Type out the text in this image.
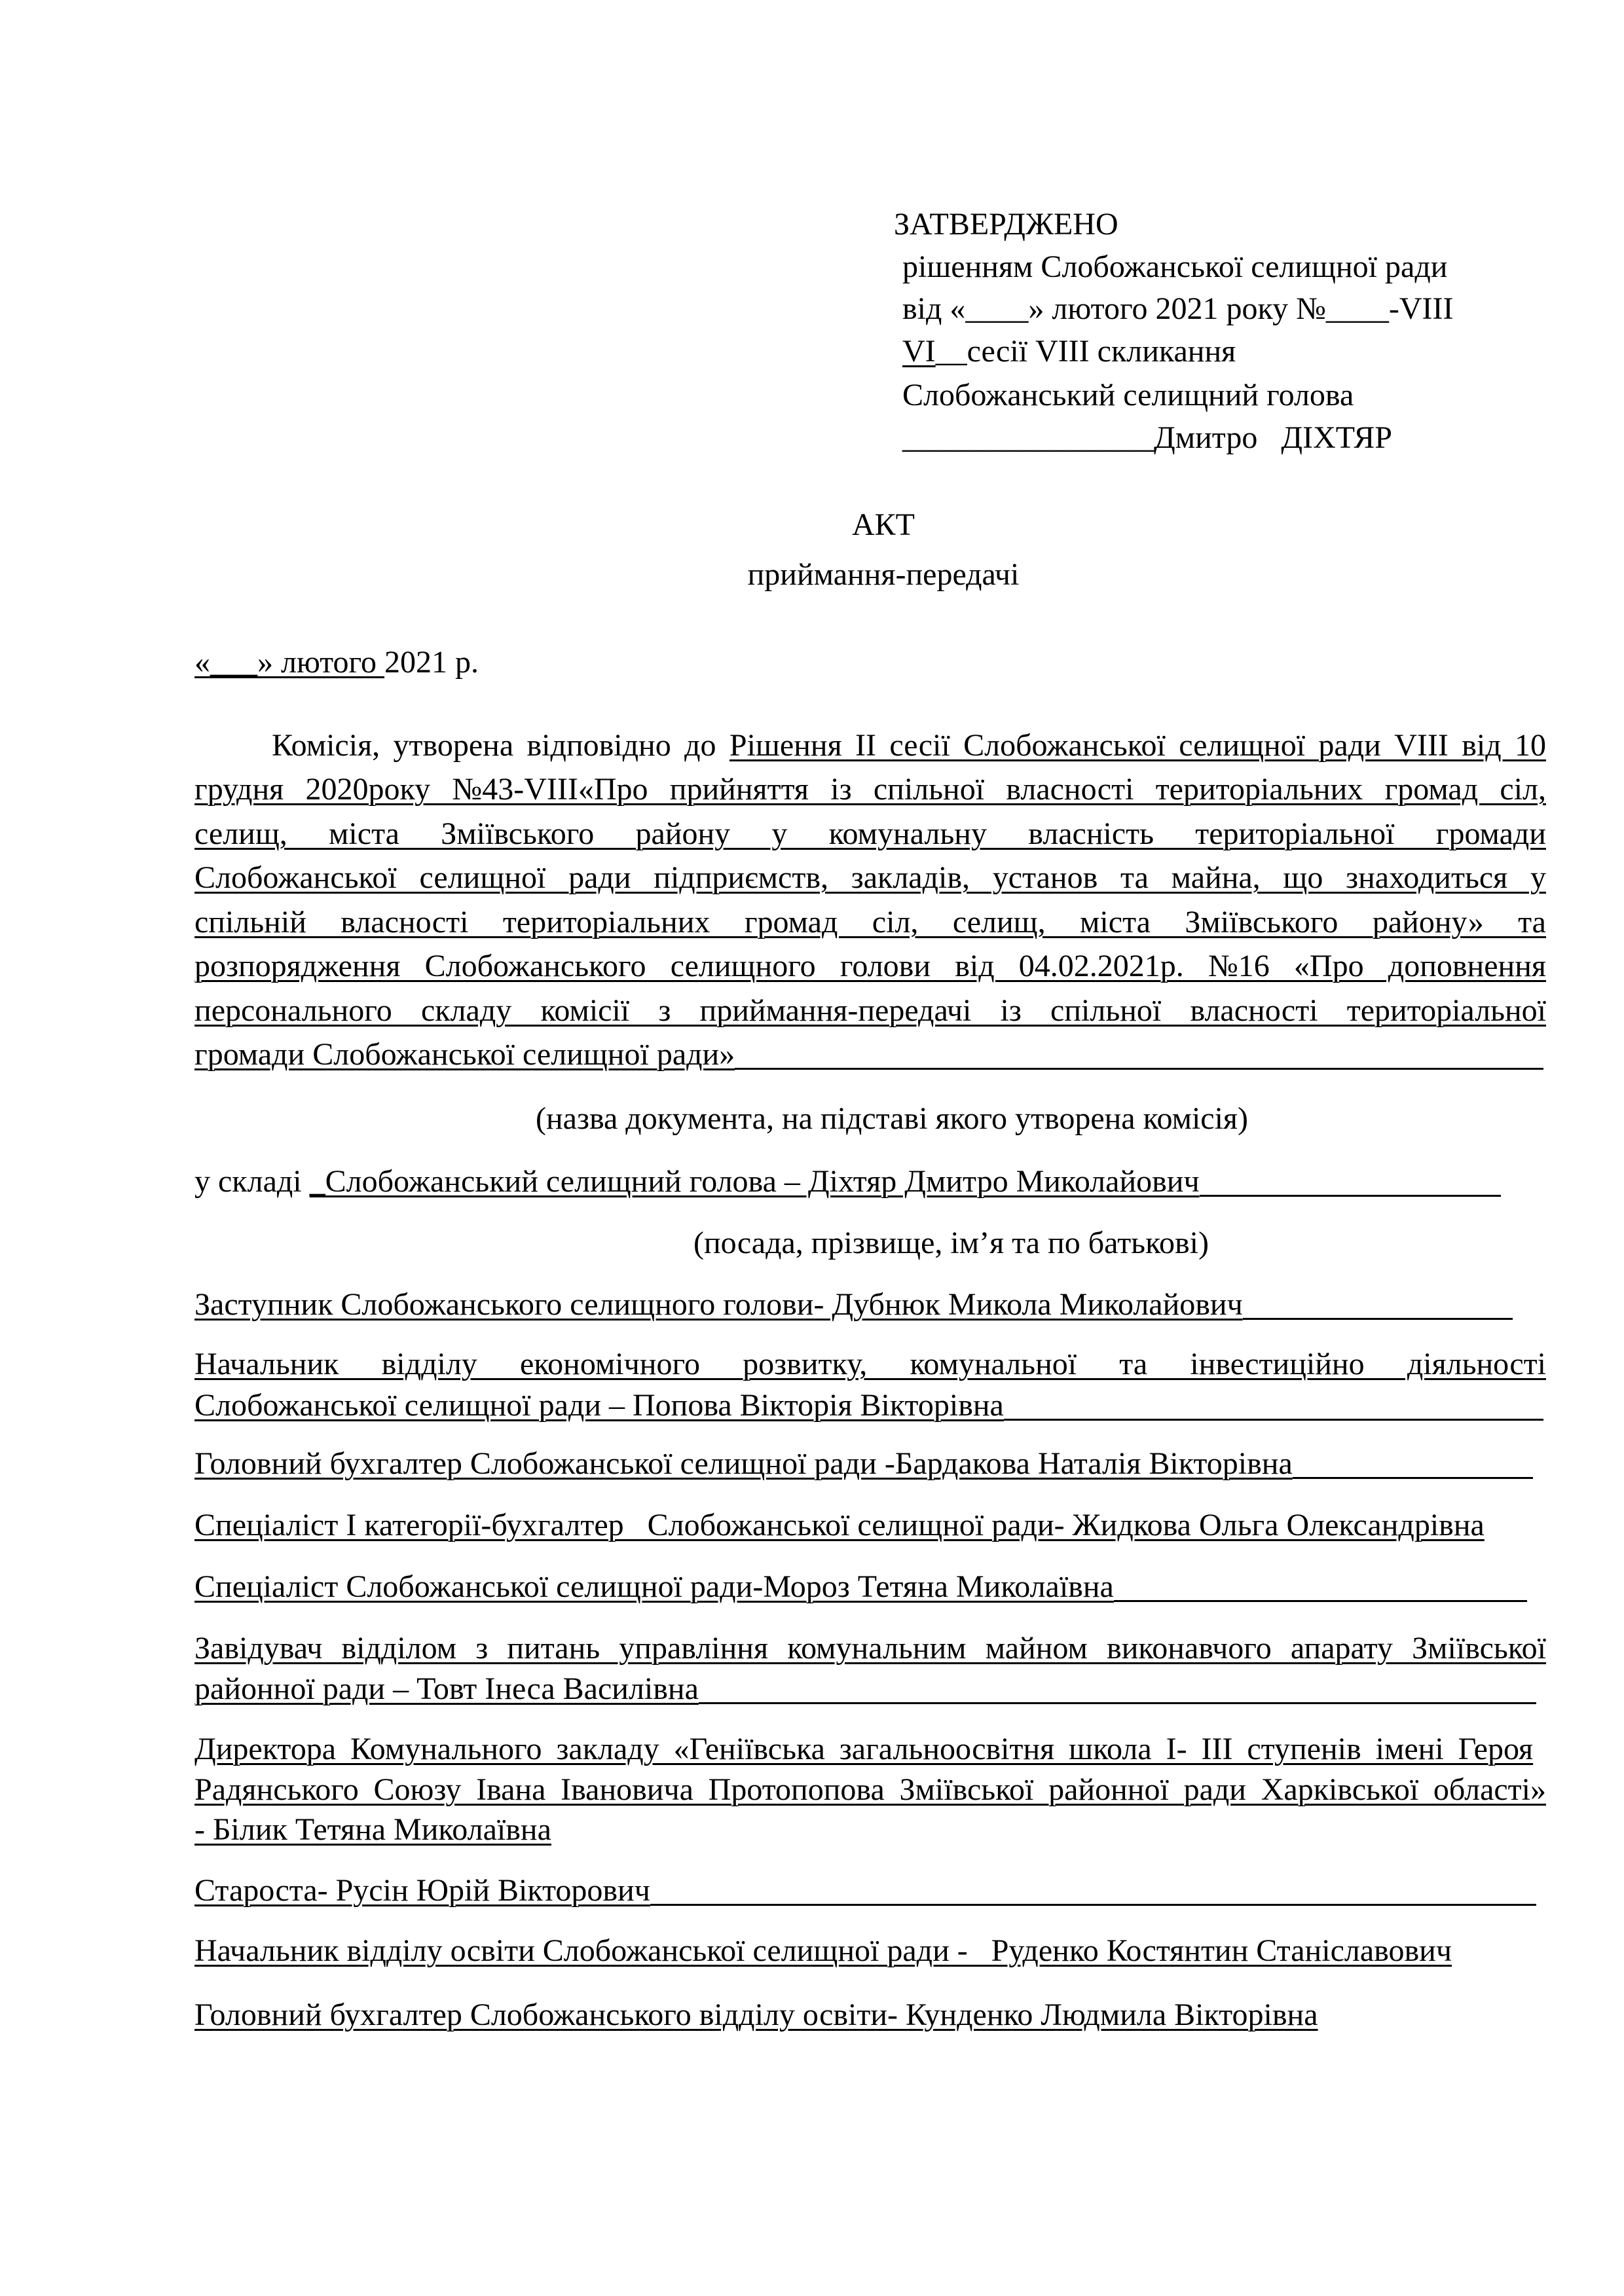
ЗАТВЕРДЖЕНО
рішенням Слобожанської селищної ради
від «____» лютого 2021 року №____-VIII
VI__сесії VIII скликання
Слобожанський селищний голова
________________Дмитро   ДІХТЯР
АКТ
приймання-передачі
«___» лютого 2021 р.
Комісія, утворена відповідно до Рішення ІІ сесії Слобожанської селищної ради VIII від 10
грудня 2020року №43-VIII«Про прийняття із спільної власності територіальних громад сіл,
селищ, міста Зміївського району у комунальну власність територіальної громади
Слобожанської селищної ради підприємств, закладів, установ та майна, що знаходиться у
спільній власності територіальних громад сіл, селищ, міста Зміївського району» та
розпорядження Слобожанського селищного голови від 04.02.2021р. №16 «Про доповнення
персонального складу комісії з приймання-передачі із спільної власності територіальної
громади Слобожанської селищної ради»
(назва документа, на підставі якого утворена комісія)
у складі _Слобожанський селищний голова – Діхтяр Дмитро Миколайович
(посада, прізвище, ім’я та по батькові)
Заступник Слобожанського селищного голови- Дубнюк Микола Миколайович
Начальник відділу економічного розвитку, комунальної та інвестиційно діяльності
Слобожанської селищної ради – Попова Вікторія Вікторівна
Головний бухгалтер Слобожанської селищної ради -Бардакова Наталія Вікторівна
Спеціаліст І категорії-бухгалтер   Слобожанської селищної ради- Жидкова Ольга Олександрівна
Спеціаліст Слобожанської селищної ради-Мороз Тетяна Миколаївна
Завідувач відділом з питань управління комунальним майном виконавчого апарату Зміївської
районної ради – Товт Інеса Василівна
Директора Комунального закладу «Геніївська загальноосвітня школа І- ІІІ ступенів імені Героя
Радянського Союзу Івана Івановича Протопопова Зміївської районної ради Харківської області»
- Білик Тетяна Миколаївна
Староста- Русін Юрій Вікторович
Начальник відділу освіти Слобожанської селищної ради -   Руденко Костянтин Станіславович
Головний бухгалтер Слобожанського відділу освіти- Кунденко Людмила Вікторівна
